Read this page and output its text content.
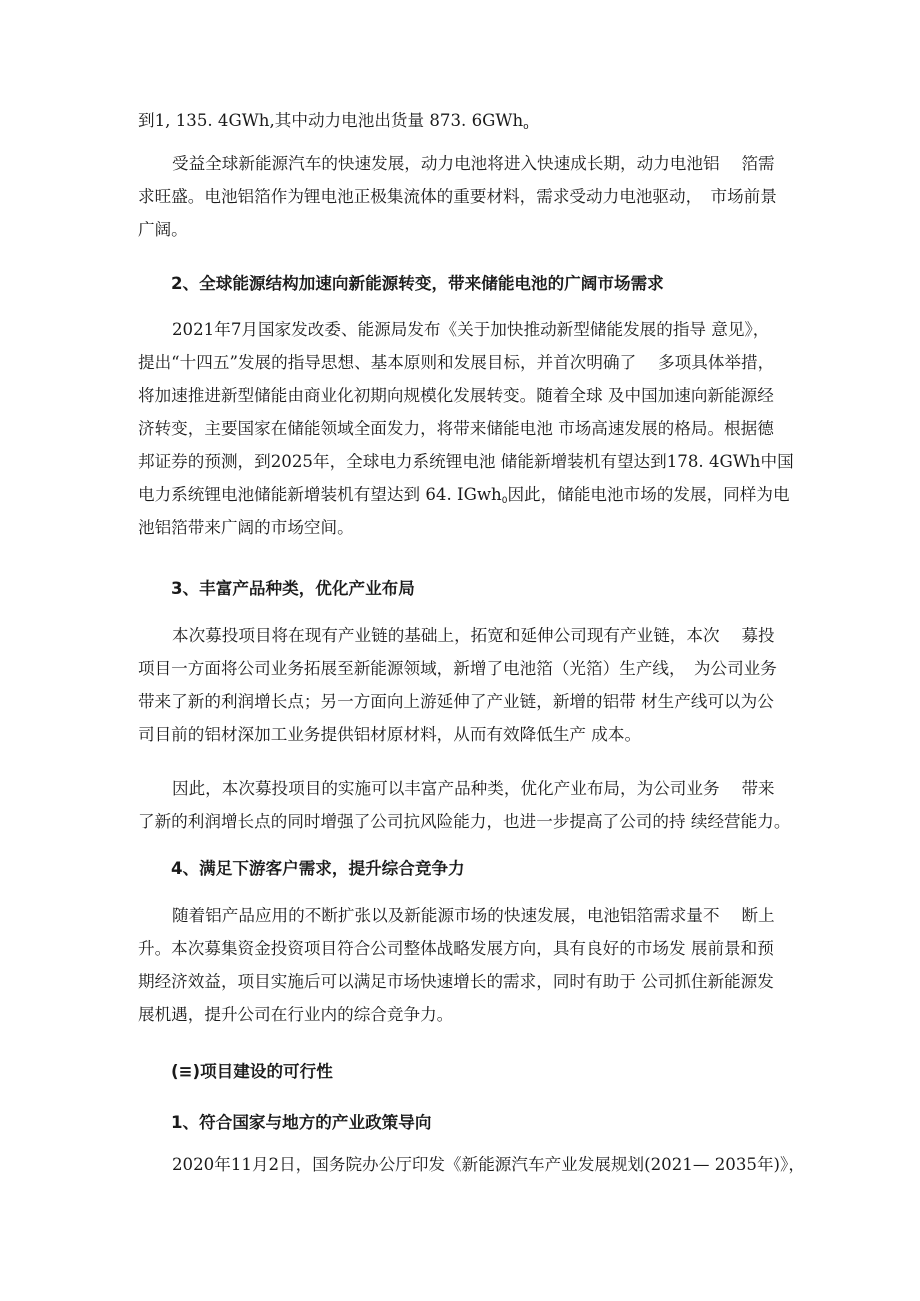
到1, 135. 4GWh,其中动力电池出货量 873. 6GWh$_o$

受益全球新能源汽车的快速发展，动力电池将进入快速成长期，动力电池铝　 箔需

求旺盛。电池铝箔作为锂电池正极集流体的重要材料，需求受动力电池驱动，　市场前景

广阔。

2、全球能源结构加速向新能源转变，带来储能电池的广阔市场需求

2021年7月国家发改委、能源局发布《关于加快推动新型储能发展的指导 意见》，

提出“十四五”发展的指导思想、基本原则和发展目标，并首次明确了　 多项具体举措，

将加速推进新型储能由商业化初期向规模化发展转变。随着全球 及中国加速向新能源经

济转变，主要国家在储能领域全面发力，将带来储能电池 市场高速发展的格局。根据德

邦证券的预测，到2025年，全球电力系统锂电池 储能新增装机有望达到178. 4GWh中国

电力系统锂电池储能新增装机有望达到 64. IGwh$_0$因此，储能电池市场的发展，同样为电

池铝箔带来广阔的市场空间。

3、丰富产品种类，优化产业布局

本次募投项目将在现有产业链的基础上，拓宽和延伸公司现有产业链，本次　 募投

项目一方面将公司业务拓展至新能源领域，新增了电池箔（光箔）生产线，　为公司业务

带来了新的利润增长点；另一方面向上游延伸了产业链，新增的铝带 材生产线可以为公

司目前的铝材深加工业务提供铝材原材料，从而有效降低生产 成本。

因此，本次募投项目的实施可以丰富产品种类，优化产业布局，为公司业务　 带来

了新的利润增长点的同时增强了公司抗风险能力，也进一步提高了公司的持 续经营能力。

4、满足下游客户需求，提升综合竞争力

随着铝产品应用的不断扩张以及新能源市场的快速发展，电池铝箔需求量不　 断上

升。本次募集资金投资项目符合公司整体战略发展方向，具有良好的市场发 展前景和预

期经济效益，项目实施后可以满足市场快速增长的需求，同时有助于 公司抓住新能源发

展机遇，提升公司在行业内的综合竞争力。

(≡)项目建设的可行性
1、符合国家与地方的产业政策导向

2020年11月2日，国务院办公厅印发《新能源汽车产业发展规划(2021— 2035年)》，
